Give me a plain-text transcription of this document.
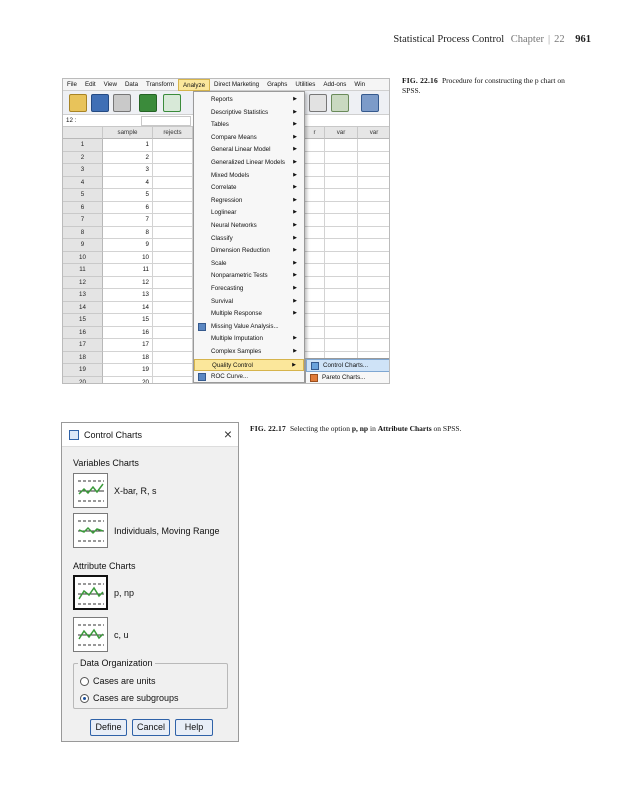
Statistical Process Control Chapter | 22 961
FIG. 22.16 Procedure for constructing the p chart on SPSS.
File	Edit	View	Data	Transform	Analyze	Direct Marketing	Graphs	Utilities	Add-ons	Win
12 :
sample	rejects	r	var	var
1	1
2	2
3	3
4	4
5	5
6	6
7	7
8	8
9	9
10	10
11	11
12	12
13	13
14	14
15	15
16	16
17	17
18	18
19	19
20	20
Reports	▶
Descriptive Statistics	▶
Tables	▶
Compare Means	▶
General Linear Model	▶
Generalized Linear Models ▶
Mixed Models	▶
Correlate	▶
Regression	▶
Loglinear	▶
Neural Networks	▶
Classify	▶
Dimension Reduction	▶
Scale	▶
Nonparametric Tests	▶
Forecasting	▶
Survival	▶
Multiple Response	▶
Missing Value Analysis...
Multiple Imputation	▶
Complex Samples	▶
Quality Control	▶
ROC Curve...
Control Charts...
Pareto Charts...
FIG. 22.17 Selecting the option p, np in Attribute Charts on SPSS.
Control Charts	×
Variables Charts
X-bar, R, s
Individuals, Moving Range
Attribute Charts
p, np
c, u
Data Organization
Cases are units
Cases are subgroups
Define	Cancel	Help
